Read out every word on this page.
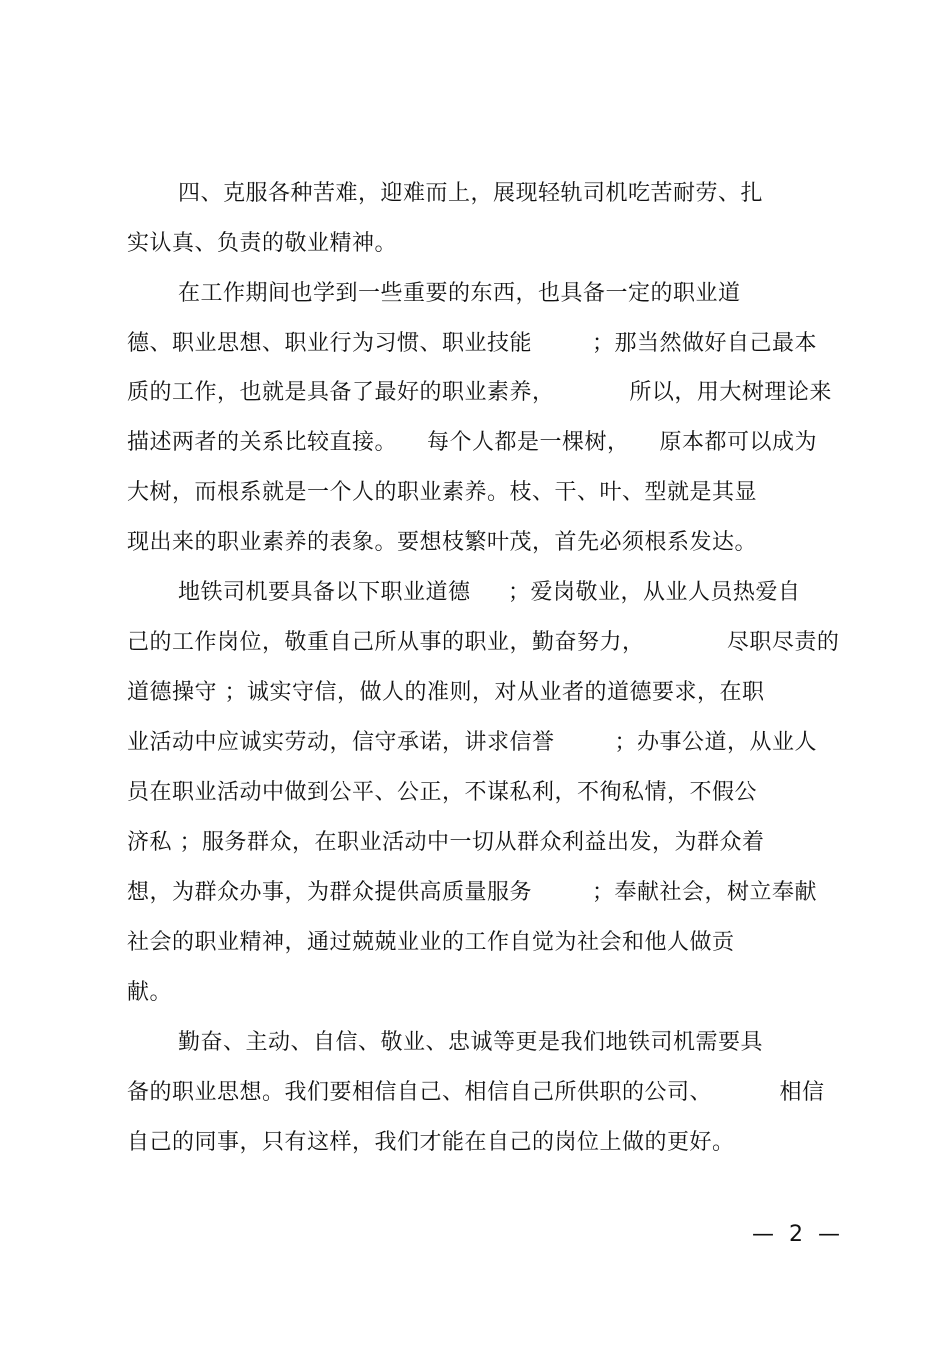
四、克服各种苦难，迎难而上，展现轻轨司机吃苦耐劳、扎
实认真、负责的敬业精神。
在工作期间也学到一些重要的东西，也具备一定的职业道
德、职业思想、职业行为习惯、职业技能        ；那当然做好自己最本
质的工作，也就是具备了最好的职业素养，          所以，用大树理论来
描述两者的关系比较直接。    每个人都是一棵树，    原本都可以成为
大树，而根系就是一个人的职业素养。枝、干、叶、型就是其显
现出来的职业素养的表象。要想枝繁叶茂，首先必须根系发达。
地铁司机要具备以下职业道德     ；爱岗敬业，从业人员热爱自
己的工作岗位，敬重自己所从事的职业，勤奋努力，           尽职尽责的
道德操守 ；诚实守信，做人的准则，对从业者的道德要求，在职
业活动中应诚实劳动，信守承诺，讲求信誉        ；办事公道，从业人
员在职业活动中做到公平、公正，不谋私利，不徇私情，不假公
济私 ；服务群众，在职业活动中一切从群众利益出发，为群众着
想，为群众办事，为群众提供高质量服务        ；奉献社会，树立奉献
社会的职业精神，通过兢兢业业的工作自觉为社会和他人做贡
献。
勤奋、主动、自信、敬业、忠诚等更是我们地铁司机需要具
备的职业思想。我们要相信自己、相信自己所供职的公司、         相信
自己的同事，只有这样，我们才能在自己的岗位上做的更好。
— 2 —
